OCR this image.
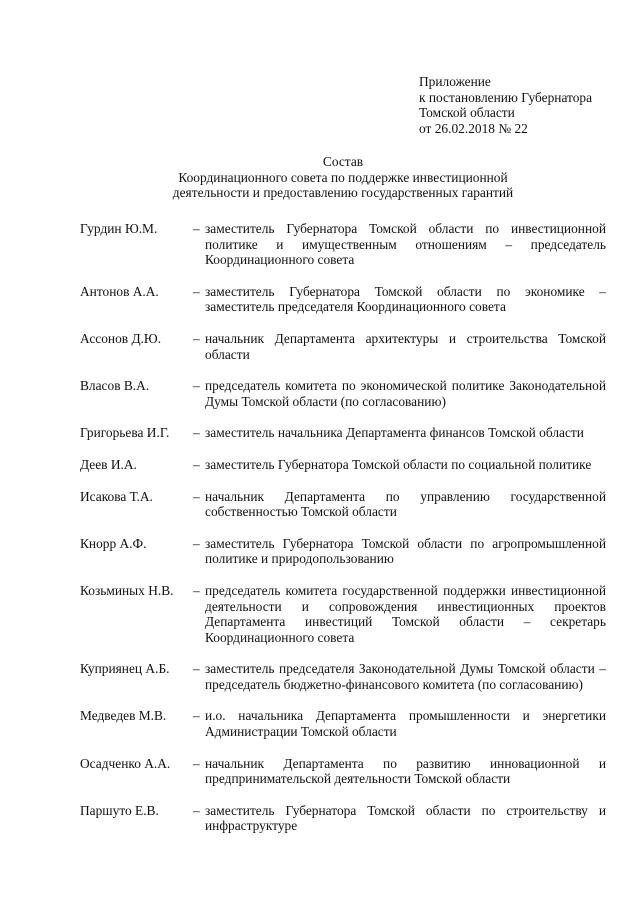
Приложение
к постановлению Губернатора
Томской области
от 26.02.2018 № 22
Состав
Координационного совета по поддержке инвестиционной
деятельности и предоставлению государственных гарантий
Гурдин Ю.М.	– заместитель Губернатора Томской области по инвестиционной политике и имущественным отношениям – председатель Координационного совета
Антонов А.А.	– заместитель Губернатора Томской области по экономике – заместитель председателя Координационного совета
Ассонов Д.Ю.	– начальник Департамента архитектуры и строительства Томской области
Власов В.А.	– председатель комитета по экономической политике Законодательной Думы Томской области (по согласованию)
Григорьева И.Г.	– заместитель начальника Департамента финансов Томской области
Деев И.А.	– заместитель Губернатора Томской области по социальной политике
Исакова Т.А.	– начальник Департамента по управлению государственной собственностью Томской области
Кнорр А.Ф.	– заместитель Губернатора Томской области по агропромышленной политике и природопользованию
Козьминых Н.В.	– председатель комитета государственной поддержки инвестиционной деятельности и сопровождения инвестиционных проектов Департамента инвестиций Томской области – секретарь Координационного совета
Куприянец А.Б.	– заместитель председателя Законодательной Думы Томской области – председатель бюджетно-финансового комитета (по согласованию)
Медведев М.В.	– и.о. начальника Департамента промышленности и энергетики Администрации Томской области
Осадченко А.А.	– начальник Департамента по развитию инновационной и предпринимательской деятельности Томской области
Паршуто Е.В.	– заместитель Губернатора Томской области по строительству и инфраструктуре
